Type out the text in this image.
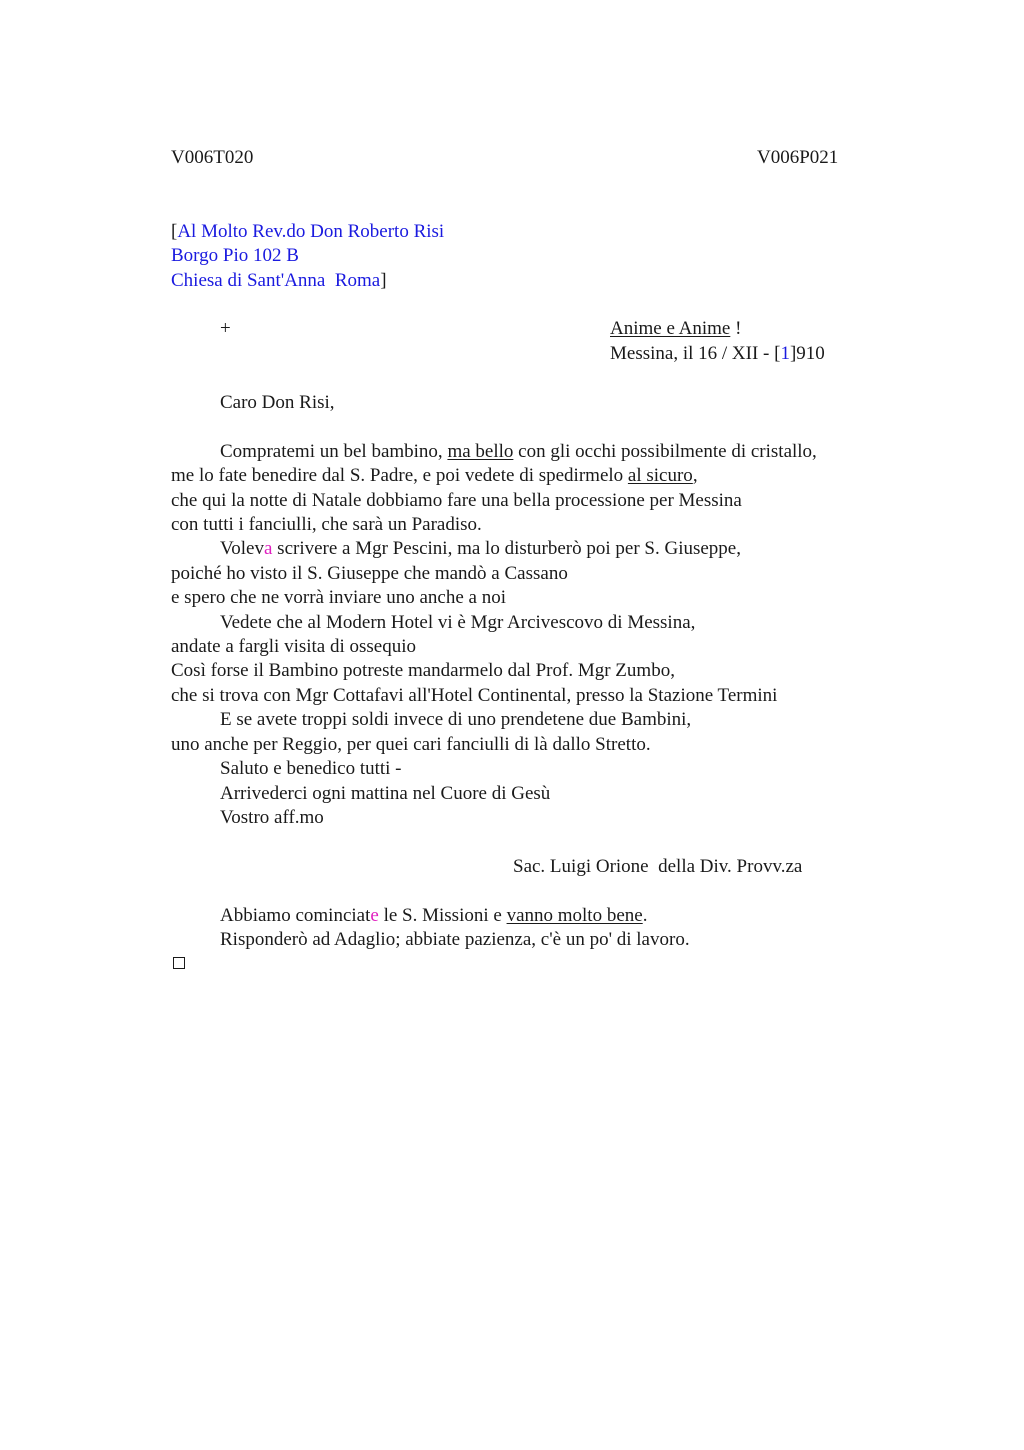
V006T020	V006P021
[Al Molto Rev.do Don Roberto Risi
Borgo Pio 102 B
Chiesa di Sant'Anna  Roma]
+	Anime e Anime !
Messina, il 16 / XII - [1]910
Caro Don Risi,
Compratemi un bel bambino, ma bello con gli occhi possibilmente di cristallo,
me lo fate benedire dal S. Padre, e poi vedete di spedirmelo al sicuro,
che qui la notte di Natale dobbiamo fare una bella processione per Messina
con tutti i fanciulli, che sarà un Paradiso.
Voleva scrivere a Mgr Pescini, ma lo disturberò poi per S. Giuseppe,
poiché ho visto il S. Giuseppe che mandò a Cassano
e spero che ne vorrà inviare uno anche a noi
Vedete che al Modern Hotel vi è Mgr Arcivescovo di Messina,
andate a fargli visita di ossequio
Così forse il Bambino potreste mandarmelo dal Prof. Mgr Zumbo,
che si trova con Mgr Cottafavi all'Hotel Continental, presso la Stazione Termini
E se avete troppi soldi invece di uno prendetene due Bambini,
uno anche per Reggio, per quei cari fanciulli di là dallo Stretto.
Saluto e benedico tutti -
Arrivederci ogni mattina nel Cuore di Gesù
Vostro aff.mo
Sac. Luigi Orione  della Div. Provv.za
Abbiamo cominciate le S. Missioni e vanno molto bene.
Risponderò ad Adaglio; abbiate pazienza, c'è un po' di lavoro.
